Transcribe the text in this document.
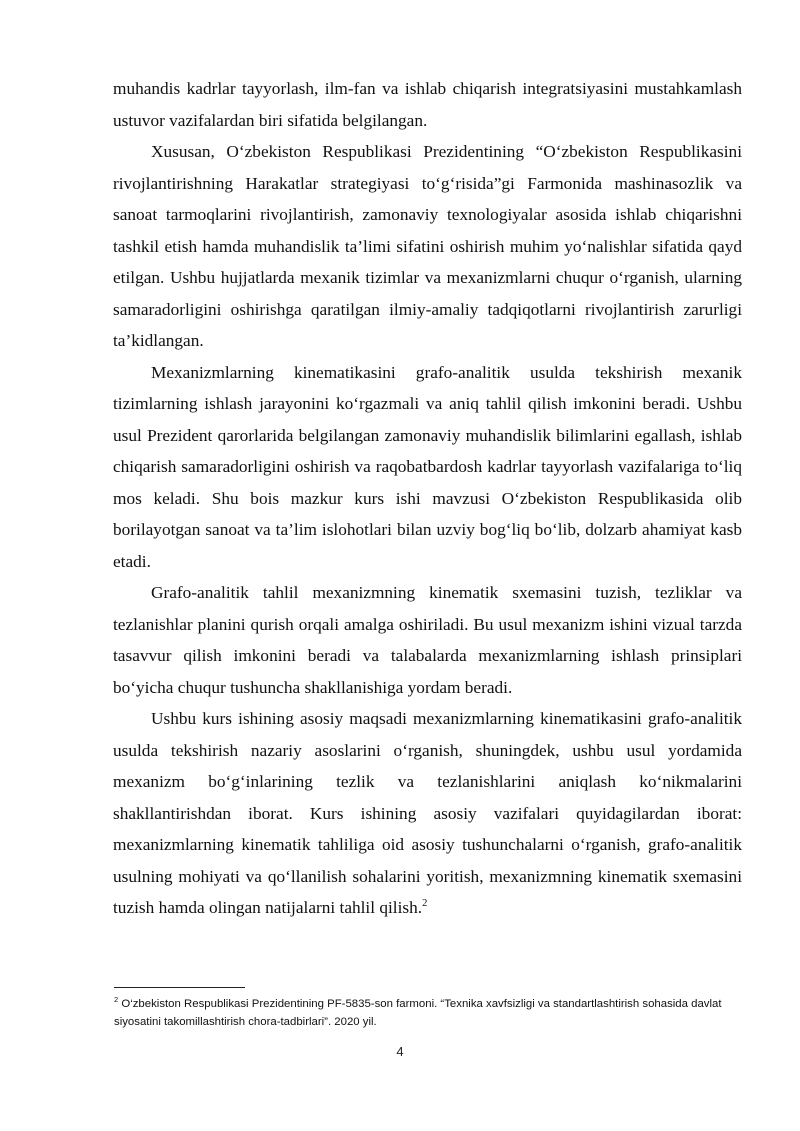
muhandis kadrlar tayyorlash, ilm-fan va ishlab chiqarish integratsiyasini mustahkamlash ustuvor vazifalardan biri sifatida belgilangan.

Xususan, O‘zbekiston Respublikasi Prezidentining “O‘zbekiston Respublikasini rivojlantirishning Harakatlar strategiyasi to‘g‘risida”gi Farmonida mashinasozlik va sanoat tarmoqlarini rivojlantirish, zamonaviy texnologiyalar asosida ishlab chiqarishni tashkil etish hamda muhandislik ta’limi sifatini oshirish muhim yo‘nalishlar sifatida qayd etilgan. Ushbu hujjatlarda mexanik tizimlar va mexanizmlarni chuqur o‘rganish, ularning samaradorligini oshirishga qaratilgan ilmiy-amaliy tadqiqotlarni rivojlantirish zarurligi ta’kidlangan.

Mexanizmlarning kinematikasini grafo-analitik usulda tekshirish mexanik tizimlarning ishlash jarayonini ko‘rgazmali va aniq tahlil qilish imkonini beradi. Ushbu usul Prezident qarorlarida belgilangan zamonaviy muhandislik bilimlarini egallash, ishlab chiqarish samaradorligini oshirish va raqobatbardosh kadrlar tayyorlash vazifalariga to‘liq mos keladi. Shu bois mazkur kurs ishi mavzusi O‘zbekiston Respublikasida olib borilayotgan sanoat va ta’lim islohotlari bilan uzviy bog‘liq bo‘lib, dolzarb ahamiyat kasb etadi.

Grafo-analitik tahlil mexanizmning kinematik sxemasini tuzish, tezliklar va tezlanishlar planini qurish orqali amalga oshiriladi. Bu usul mexanizm ishini vizual tarzda tasavvur qilish imkonini beradi va talabalarda mexanizmlarning ishlash prinsiplari bo‘yicha chuqur tushuncha shakllanishiga yordam beradi.

Ushbu kurs ishining asosiy maqsadi mexanizmlarning kinematikasini grafo-analitik usulda tekshirish nazariy asoslarini o‘rganish, shuningdek, ushbu usul yordamida mexanizm bo‘g‘inlarining tezlik va tezlanishlarini aniqlash ko‘nikmalarini shakllantirishdan iborat. Kurs ishining asosiy vazifalari quyidagilardan iborat: mexanizmlarning kinematik tahliliga oid asosiy tushunchalarni o‘rganish, grafo-analitik usulning mohiyati va qo‘llanilish sohalarini yoritish, mexanizmning kinematik sxemasini tuzish hamda olingan natijalarni tahlil qilish.$^2$

$^2$ O‘zbekiston Respublikasi Prezidentining PF-5835-son farmoni. “Texnika xavfsizligi va standartlashtirish sohasida davlat siyosatini takomillashtirish chora-tadbirlari”. 2020 yil.
4
